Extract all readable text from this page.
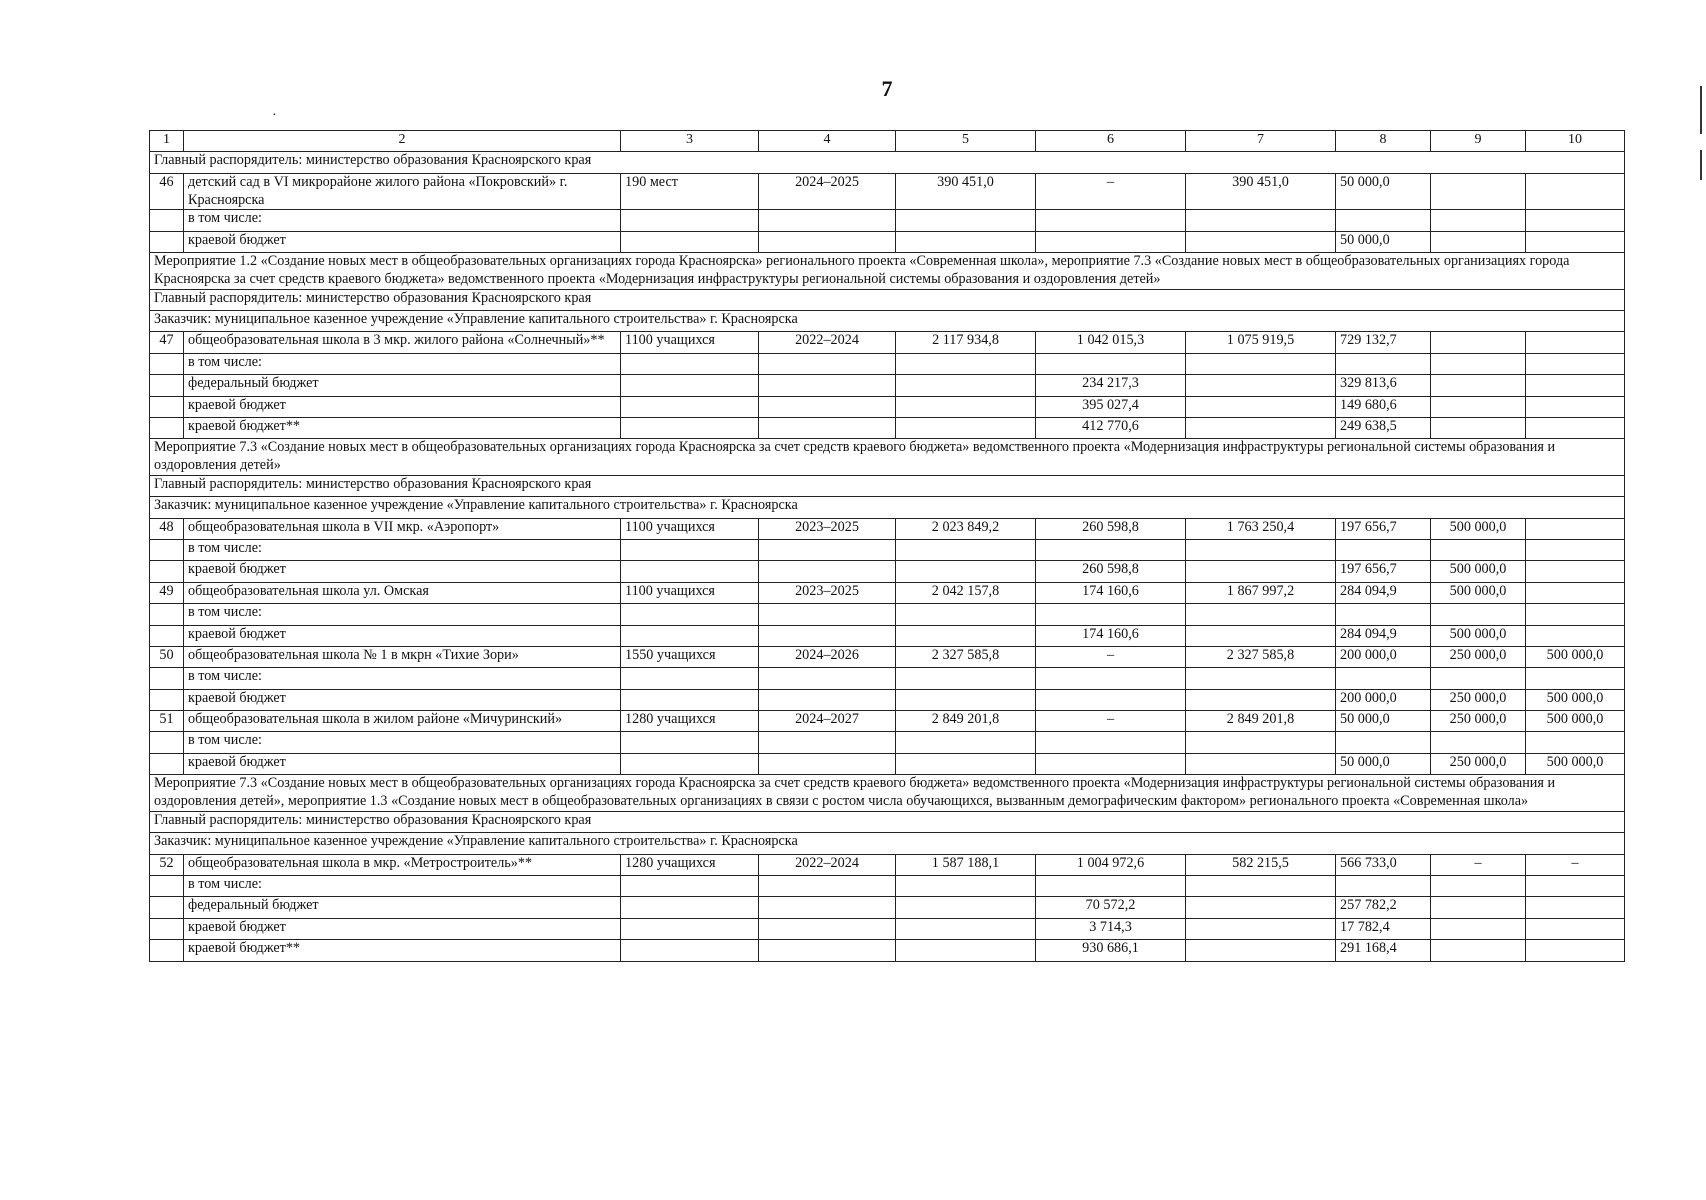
7
·
1	2	3	4	5	6	7	8	9	10
Главный распорядитель: министерство образования Красноярского края									
46	детский сад в VI микрорайоне жилого района «Покровский» г. Красноярска	190 мест	2024–2025	390 451,0	–	390 451,0	50 000,0		
	в том числе:								
	краевой бюджет						50 000,0		
Мероприятие 1.2 «Создание новых мест в общеобразовательных организациях города Красноярска» регионального проекта «Современная школа», мероприятие 7.3 «Создание новых мест в общеобразовательных организациях города Красноярска за счет средств краевого бюджета» ведомственного проекта «Модернизация инфраструктуры региональной системы образования и оздоровления детей»									
Главный распорядитель: министерство образования Красноярского края									
Заказчик: муниципальное казенное учреждение «Управление капитального строительства» г. Красноярска									
47	общеобразовательная школа в 3 мкр. жилого района «Солнечный»**	1100 учащихся	2022–2024	2 117 934,8	1 042 015,3	1 075 919,5	729 132,7		
	в том числе:								
	федеральный бюджет				234 217,3		329 813,6		
	краевой бюджет				395 027,4		149 680,6		
	краевой бюджет**				412 770,6		249 638,5		
Мероприятие 7.3 «Создание новых мест в общеобразовательных организациях города Красноярска за счет средств краевого бюджета» ведомственного проекта «Модернизация инфраструктуры региональной системы образования и оздоровления детей»									
Главный распорядитель: министерство образования Красноярского края									
Заказчик: муниципальное казенное учреждение «Управление капитального строительства» г. Красноярска									
48	общеобразовательная школа в VII мкр. «Аэропорт»	1100 учащихся	2023–2025	2 023 849,2	260 598,8	1 763 250,4	197 656,7	500 000,0	
	в том числе:								
	краевой бюджет				260 598,8		197 656,7	500 000,0	
49	общеобразовательная школа ул. Омская	1100 учащихся	2023–2025	2 042 157,8	174 160,6	1 867 997,2	284 094,9	500 000,0	
	в том числе:								
	краевой бюджет				174 160,6		284 094,9	500 000,0	
50	общеобразовательная школа № 1 в мкрн «Тихие Зори»	1550 учащихся	2024–2026	2 327 585,8	–	2 327 585,8	200 000,0	250 000,0	500 000,0
	в том числе:								
	краевой бюджет						200 000,0	250 000,0	500 000,0
51	общеобразовательная школа в жилом районе «Мичуринский»	1280 учащихся	2024–2027	2 849 201,8	–	2 849 201,8	50 000,0	250 000,0	500 000,0
	в том числе:								
	краевой бюджет						50 000,0	250 000,0	500 000,0
Мероприятие 7.3 «Создание новых мест в общеобразовательных организациях города Красноярска за счет средств краевого бюджета» ведомственного проекта «Модернизация инфраструктуры региональной системы образования и оздоровления детей», мероприятие 1.3 «Создание новых мест в общеобразовательных организациях в связи с ростом числа обучающихся, вызванным демографическим фактором» регионального проекта «Современная школа»									
Главный распорядитель: министерство образования Красноярского края									
Заказчик: муниципальное казенное учреждение «Управление капитального строительства» г. Красноярска									
52	общеобразовательная школа в мкр. «Метростроитель»**	1280 учащихся	2022–2024	1 587 188,1	1 004 972,6	582 215,5	566 733,0	–	–
	в том числе:								
	федеральный бюджет				70 572,2		257 782,2		
	краевой бюджет				3 714,3		17 782,4		
	краевой бюджет**				930 686,1		291 168,4		
